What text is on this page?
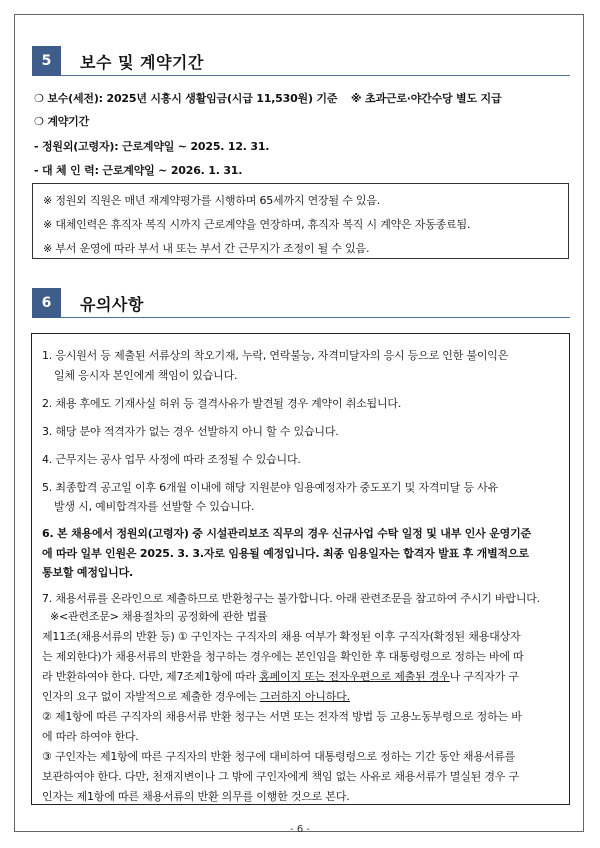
5	보수 및 계약기간
❍ 보수(세전): 2025년 시흥시 생활임금(시급 11,530원) 기준 ※ 초과근로·야간수당 별도 지급
❍ 계약기간
- 정원외(고령자): 근로계약일 ~ 2025. 12. 31.
- 대 체 인 력: 근로계약일 ~ 2026. 1. 31.
※ 정원외 직원은 매년 재계약평가를 시행하며 65세까지 연장될 수 있음.
※ 대체인력은 휴직자 복직 시까지 근로계약을 연장하며, 휴직자 복직 시 계약은 자동종료됨.
※ 부서 운영에 따라 부서 내 또는 부서 간 근무지가 조정이 될 수 있음.
6	유의사항
1. 응시원서 등 제출된 서류상의 착오기재, 누락, 연락불능, 자격미달자의 응시 등으로 인한 불이익은
일체 응시자 본인에게 책임이 있습니다.
2. 채용 후에도 기재사실 허위 등 결격사유가 발견될 경우 계약이 취소됩니다.
3. 해당 분야 적격자가 없는 경우 선발하지 아니 할 수 있습니다.
4. 근무지는 공사 업무 사정에 따라 조정될 수 있습니다.
5. 최종합격 공고일 이후 6개월 이내에 해당 지원분야 임용예정자가 중도포기 및 자격미달 등 사유
발생 시, 예비합격자를 선발할 수 있습니다.
6. 본 채용에서 정원외(고령자) 중 시설관리보조 직무의 경우 신규사업 수탁 일정 및 내부 인사 운영기준
에 따라 일부 인원은 2025. 3. 3.자로 임용될 예정입니다. 최종 임용일자는 합격자 발표 후 개별적으로
통보할 예정입니다.
7. 채용서류를 온라인으로 제출하므로 반환청구는 불가합니다. 아래 관련조문을 참고하여 주시기 바랍니다.
※<관련조문> 채용절차의 공정화에 관한 법률
제11조(채용서류의 반환 등) ① 구인자는 구직자의 채용 여부가 확정된 이후 구직자(확정된 채용대상자
는 제외한다)가 채용서류의 반환을 청구하는 경우에는 본인임을 확인한 후 대통령령으로 정하는 바에 따
라 반환하여야 한다. 다만, 제7조제1항에 따라 홈페이지 또는 전자우편으로 제출된 경우나 구직자가 구
인자의 요구 없이 자발적으로 제출한 경우에는 그러하지 아니하다.
② 제1항에 따른 구직자의 채용서류 반환 청구는 서면 또는 전자적 방법 등 고용노동부령으로 정하는 바
에 따라 하여야 한다.
③ 구인자는 제1항에 따른 구직자의 반환 청구에 대비하여 대통령령으로 정하는 기간 동안 채용서류를
보관하여야 한다. 다만, 천재지변이나 그 밖에 구인자에게 책임 없는 사유로 채용서류가 멸실된 경우 구
인자는 제1항에 따른 채용서류의 반환 의무를 이행한 것으로 본다.
- 6 -
